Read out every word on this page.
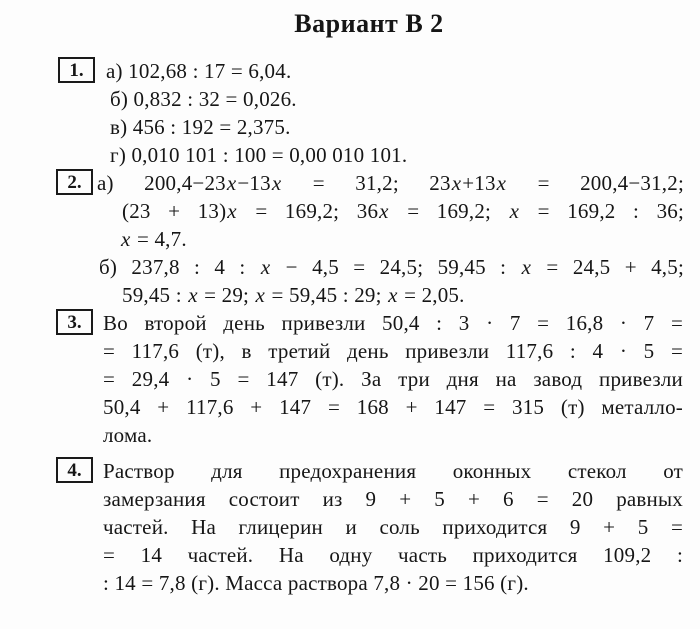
Вариант В 2
1. а) 102,68 : 17 = 6,04.
б) 0,832 : 32 = 0,026.
в) 456 : 192 = 2,375.
г) 0,010 101 : 100 = 0,00 010 101.
2. а) 200,4−23x−13x = 31,2; 23x+13x = 200,4−31,2;
(23 + 13)x = 169,2; 36x = 169,2; x = 169,2 : 36;
x = 4,7.
б) 237,8 : 4 : x − 4,5 = 24,5; 59,45 : x = 24,5 + 4,5;
59,45 : x = 29; x = 59,45 : 29; x = 2,05.
3. Во второй день привезли 50,4 : 3 · 7 = 16,8 · 7 =
= 117,6 (т), в третий день привезли 117,6 : 4 · 5 =
= 29,4 · 5 = 147 (т). За три дня на завод привезли
50,4 + 117,6 + 147 = 168 + 147 = 315 (т) металло-
лома.
4. Раствор для предохранения оконных стекол от
замерзания состоит из 9 + 5 + 6 = 20 равных
частей. На глицерин и соль приходится 9 + 5 =
= 14 частей. На одну часть приходится 109,2 :
: 14 = 7,8 (г). Масса раствора 7,8 · 20 = 156 (г).
